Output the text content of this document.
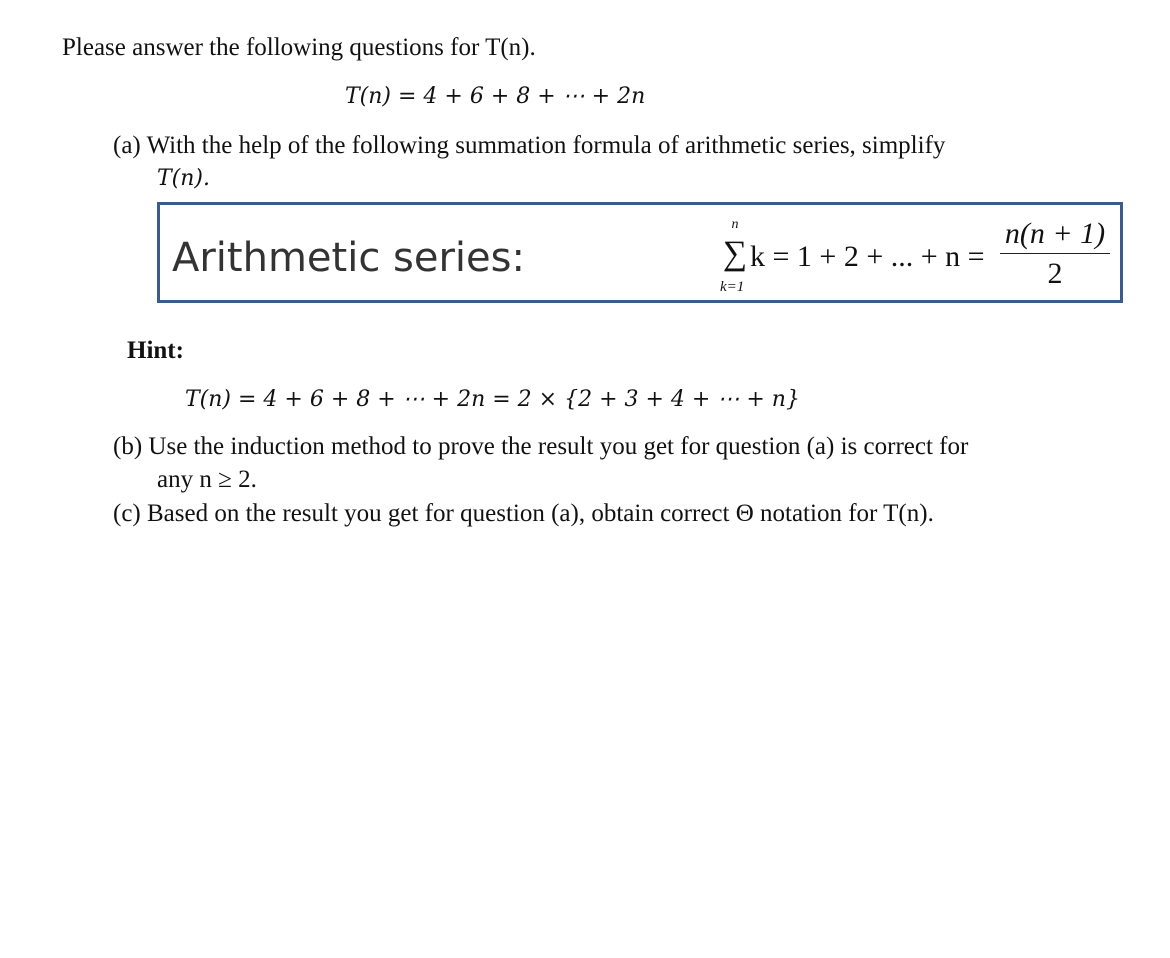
Please answer the following questions for T(n).
T(n) = 4 + 6 + 8 + ⋯ + 2n
(a) With the help of the following summation formula of arithmetic series, simplify
T(n).
Arithmetic series:
n
∑
k=1
k = 1 + 2 + ... + $n = \frac{n(n + 1)}{2}$
Hint:
T(n) = 4 + 6 + 8 + ⋯ + 2n = 2 × {2 + 3 + 4 + ⋯ + n}
(b) Use the induction method to prove the result you get for question (a) is correct for
any n ≥ 2.
(c) Based on the result you get for question (a), obtain correct Θ notation for T(n).
